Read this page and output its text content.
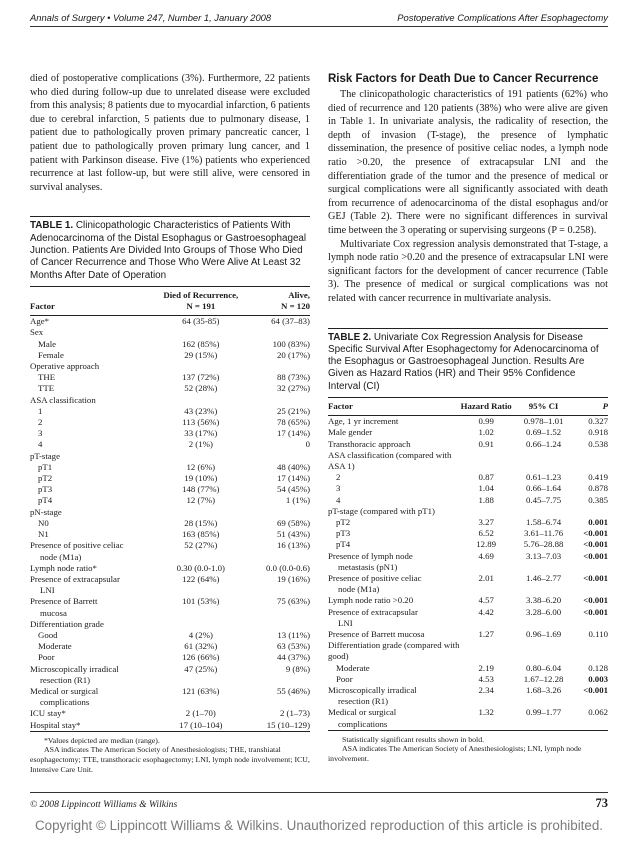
Annals of Surgery • Volume 247, Number 1, January 2008	Postoperative Complications After Esophagectomy

died of postoperative complications (3%). Furthermore, 22 patients who died during follow-up due to unrelated disease were excluded from this analysis; 8 patients due to myocardial infarction, 6 patients due to cerebral infarction, 5 patients due to pulmonary disease, 1 patient due to pathologically proven primary pancreatic cancer, 1 patient due to pathologically proven primary lung cancer, and 1 patient with Parkinson disease. Five (1%) patients who experienced recurrence at last follow-up, but were still alive, were censored in survival analyses.

TABLE 1. Clinicopathologic Characteristics of Patients With Adenocarcinoma of the Distal Esophagus or Gastroesophageal Junction. Patients Are Divided Into Groups of Those Who Died of Cancer Recurrence and Those Who Were Alive At Least 32 Months After Date of Operation

	Died of Recurrence,	Alive,
Factor	N = 191	N = 120
Age*	64 (35-85)	64 (37–83)
Sex		
Male	162 (85%)	100 (83%)
Female	29 (15%)	20 (17%)
Operative approach		
THE	137 (72%)	88 (73%)
TTE	52 (28%)	32 (27%)
ASA classification		
1	43 (23%)	25 (21%)
2	113 (56%)	78 (65%)
3	33 (17%)	17 (14%)
4	2 (1%)	0
pT-stage		
pT1	12 (6%)	48 (40%)
pT2	19 (10%)	17 (14%)
pT3	148 (77%)	54 (45%)
pT4	12 (7%)	1 (1%)
pN-stage		
N0	28 (15%)	69 (58%)
N1	163 (85%)	51 (43%)
Presence of positive celiac
node (M1a)	52 (27%)	16 (13%)
Lymph node ratio*	0.30 (0.0-1.0)	0.0 (0.0-0.6)
Presence of extracapsular
LNI	122 (64%)	19 (16%)
Presence of Barrett
mucosa	101 (53%)	75 (63%)
Differentiation grade		
Good	4 (2%)	13 (11%)
Moderate	61 (32%)	63 (53%)
Poor	126 (66%)	44 (37%)
Microscopically irradical
resection (R1)	47 (25%)	9 (8%)
Medical or surgical
complications	121 (63%)	55 (46%)
ICU stay*	2 (1–70)	2 (1–73)
Hospital stay*	17 (10–104)	15 (10–129)

*Values depicted are median (range).

ASA indicates The American Society of Anesthesiologists; THE, transhiatal esophagectomy; TTE, transthoracic esophagectomy; LNI, lymph node involvement; ICU, Intensive Care Unit.

Risk Factors for Death Due to Cancer Recurrence

The clinicopathologic characteristics of 191 patients (62%) who died of recurrence and 120 patients (38%) who were alive are given in Table 1. In univariate analysis, the radicality of resection, the depth of invasion (T-stage), the presence of lymphatic dissemination, the presence of positive celiac nodes, a lymph node ratio >0.20, the presence of extracapsular LNI and the differentiation grade of the tumor and the presence of medical or surgical complications were all significantly associated with death from recurrence of adenocarcinoma of the distal esophagus and/or GEJ (Table 2). There were no significant differences in survival time between the 3 operating or supervising surgeons (P = 0.258).

Multivariate Cox regression analysis demonstrated that T-stage, a lymph node ratio >0.20 and the presence of extracapsular LNI were significant factors for the development of cancer recurrence (Table 3). The presence of medical or surgical complications was not related with cancer recurrence in multivariate analysis.

TABLE 2. Univariate Cox Regression Analysis for Disease Specific Survival After Esophagectomy for Adenocarcinoma of the Esophagus or Gastroesophageal Junction. Results Are Given as Hazard Ratios (HR) and Their 95% Confidence Interval (CI)

Factor	Hazard Ratio	95% CI	P
Age, 1 yr increment	0.99	0.978–1.01	0.327
Male gender	1.02	0.69–1.52	0.918
Transthoracic approach	0.91	0.66–1.24	0.538
ASA classification (compared with ASA 1)			
2	0.87	0.61–1.23	0.419
3	1.04	0.66–1.64	0.878
4	1.88	0.45–7.75	0.385
pT-stage (compared with pT1)			
pT2	3.27	1.58–6.74	0.001
pT3	6.52	3.61–11.76	<0.001
pT4	12.89	5.76–28.88	<0.001
Presence of lymph node
metastasis (pN1)	4.69	3.13–7.03	<0.001
Presence of positive celiac
node (M1a)	2.01	1.46–2.77	<0.001
Lymph node ratio >0.20	4.57	3.38–6.20	<0.001
Presence of extracapsular
LNI	4.42	3.28–6.00	<0.001
Presence of Barrett mucosa	1.27	0.96–1.69	0.110
Differentiation grade (compared with good)			
Moderate	2.19	0.80–6.04	0.128
Poor	4.53	1.67–12.28	0.003
Microscopically irradical
resection (R1)	2.34	1.68–3.26	<0.001
Medical or surgical
complications	1.32	0.99–1.77	0.062

Statistically significant results shown in bold.

ASA indicates The American Society of Anesthesiologists; LNI, lymph node involvement.

© 2008 Lippincott Williams & Wilkins	73
Copyright © Lippincott Williams & Wilkins. Unauthorized reproduction of this article is prohibited.
